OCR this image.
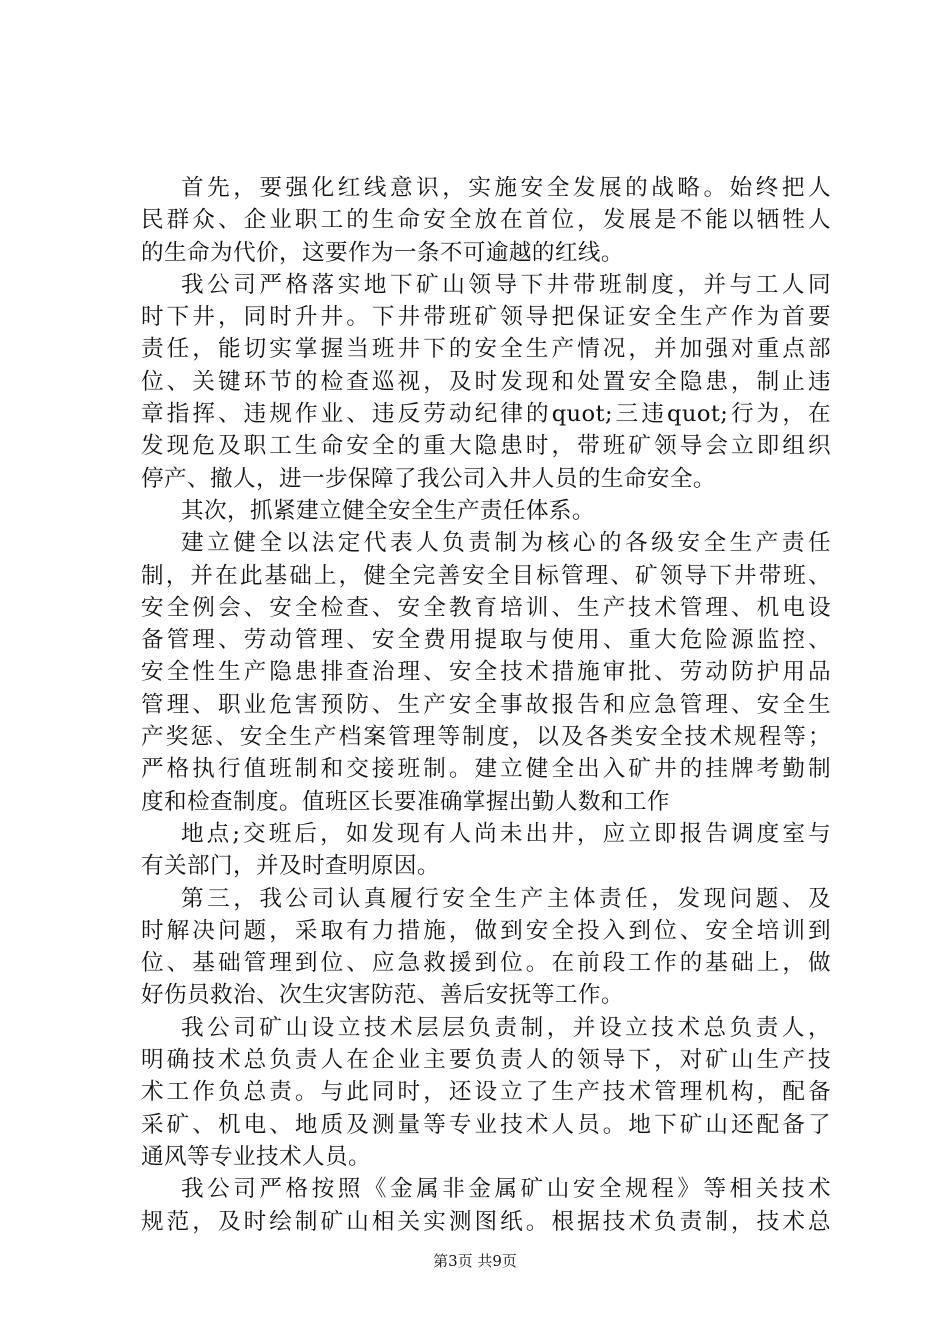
首先，要强化红线意识，实施安全发展的战略。始终把人
民群众、企业职工的生命安全放在首位，发展是不能以牺牲人
的生命为代价，这要作为一条不可逾越的红线。
我公司严格落实地下矿山领导下井带班制度，并与工人同
时下井，同时升井。下井带班矿领导把保证安全生产作为首要
责任，能切实掌握当班井下的安全生产情况，并加强对重点部
位、关键环节的检查巡视，及时发现和处置安全隐患，制止违
章指挥、违规作业、违反劳动纪律的quot;三违quot;行为，在
发现危及职工生命安全的重大隐患时，带班矿领导会立即组织
停产、撤人，进一步保障了我公司入井人员的生命安全。
其次，抓紧建立健全安全生产责任体系。
建立健全以法定代表人负责制为核心的各级安全生产责任
制，并在此基础上，健全完善安全目标管理、矿领导下井带班、
安全例会、安全检查、安全教育培训、生产技术管理、机电设
备管理、劳动管理、安全费用提取与使用、重大危险源监控、
安全性生产隐患排查治理、安全技术措施审批、劳动防护用品
管理、职业危害预防、生产安全事故报告和应急管理、安全生
产奖惩、安全生产档案管理等制度，以及各类安全技术规程等；
严格执行值班制和交接班制。建立健全出入矿井的挂牌考勤制
度和检查制度。值班区长要准确掌握出勤人数和工作
地点;交班后，如发现有人尚未出井，应立即报告调度室与
有关部门，并及时查明原因。
第三，我公司认真履行安全生产主体责任，发现问题、及
时解决问题，采取有力措施，做到安全投入到位、安全培训到
位、基础管理到位、应急救援到位。在前段工作的基础上，做
好伤员救治、次生灾害防范、善后安抚等工作。
我公司矿山设立技术层层负责制，并设立技术总负责人，
明确技术总负责人在企业主要负责人的领导下，对矿山生产技
术工作负总责。与此同时，还设立了生产技术管理机构，配备
采矿、机电、地质及测量等专业技术人员。地下矿山还配备了
通风等专业技术人员。
我公司严格按照《金属非金属矿山安全规程》等相关技术
规范，及时绘制矿山相关实测图纸。根据技术负责制，技术总
第3页 共9页
